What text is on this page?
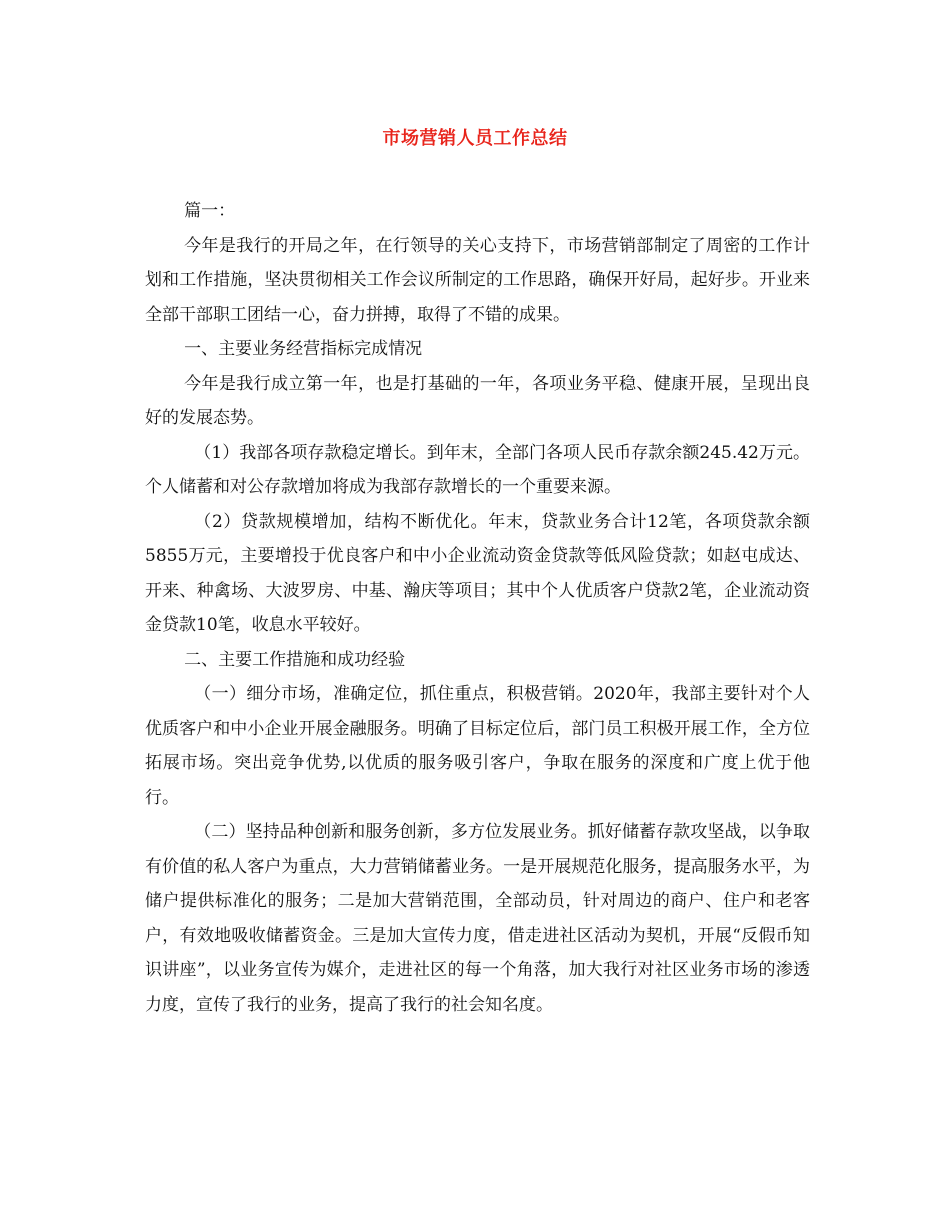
市场营销人员工作总结

篇一：

今年是我行的开局之年，在行领导的关心支持下，市场营销部制定了周密的工作计划和工作措施，坚决贯彻相关工作会议所制定的工作思路，确保开好局，起好步。开业来全部干部职工团结一心，奋力拼搏，取得了不错的成果。

一、主要业务经营指标完成情况

今年是我行成立第一年，也是打基础的一年，各项业务平稳、健康开展，呈现出良好的发展态势。

（1）我部各项存款稳定增长。到年末，全部门各项人民币存款余额245.42万元。个人储蓄和对公存款增加将成为我部存款增长的一个重要来源。

（2）贷款规模增加，结构不断优化。年末，贷款业务合计12笔，各项贷款余额5855万元，主要增投于优良客户和中小企业流动资金贷款等低风险贷款；如赵屯成达、开来、种禽场、大波罗房、中基、瀚庆等项目；其中个人优质客户贷款2笔，企业流动资金贷款10笔，收息水平较好。

二、主要工作措施和成功经验

（一）细分市场，准确定位，抓住重点，积极营销。2020年，我部主要针对个人优质客户和中小企业开展金融服务。明确了目标定位后，部门员工积极开展工作，全方位拓展市场。突出竞争优势,以优质的服务吸引客户，争取在服务的深度和广度上优于他行。

（二）坚持品种创新和服务创新，多方位发展业务。抓好储蓄存款攻坚战，以争取有价值的私人客户为重点，大力营销储蓄业务。一是开展规范化服务，提高服务水平，为储户提供标准化的服务；二是加大营销范围，全部动员，针对周边的商户、住户和老客户，有效地吸收储蓄资金。三是加大宣传力度，借走进社区活动为契机，开展“反假币知识讲座”，以业务宣传为媒介，走进社区的每一个角落，加大我行对社区业务市场的渗透力度，宣传了我行的业务，提高了我行的社会知名度。
